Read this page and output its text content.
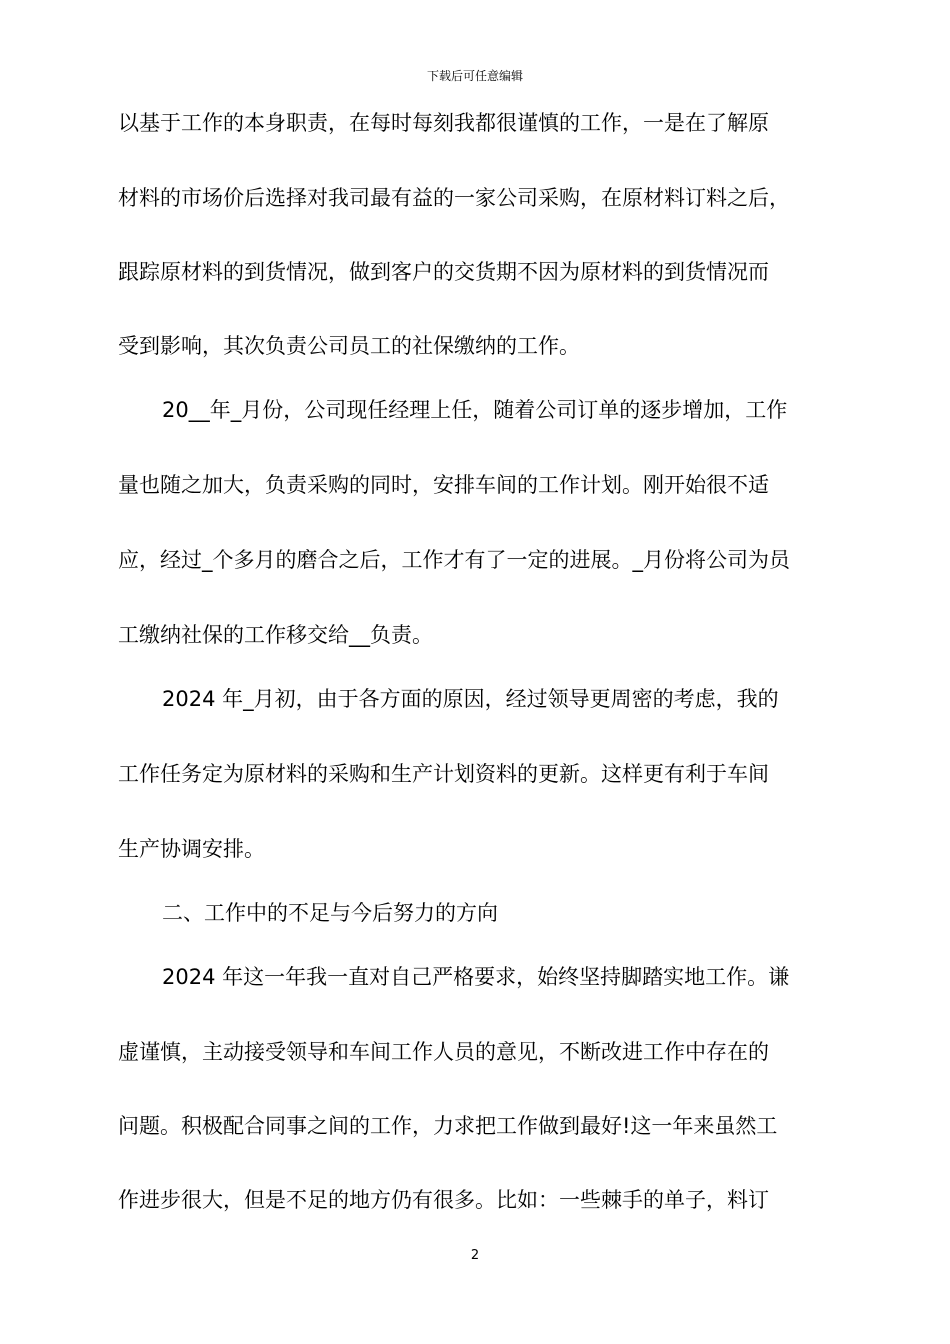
下载后可任意编辑
以基于工作的本身职责，在每时每刻我都很谨慎的工作，一是在了解原
材料的市场价后选择对我司最有益的一家公司采购，在原材料订料之后，
跟踪原材料的到货情况，做到客户的交货期不因为原材料的到货情况而
受到影响，其次负责公司员工的社保缴纳的工作。
20__年_月份，公司现任经理上任，随着公司订单的逐步增加，工作
量也随之加大，负责采购的同时，安排车间的工作计划。刚开始很不适
应，经过_个多月的磨合之后，工作才有了一定的进展。_月份将公司为员
工缴纳社保的工作移交给__负责。
2024 年_月初，由于各方面的原因，经过领导更周密的考虑，我的
工作任务定为原材料的采购和生产计划资料的更新。这样更有利于车间
生产协调安排。
二、工作中的不足与今后努力的方向
2024 年这一年我一直对自己严格要求，始终坚持脚踏实地工作。谦
虚谨慎，主动接受领导和车间工作人员的意见，不断改进工作中存在的
问题。积极配合同事之间的工作，力求把工作做到最好!这一年来虽然工
作进步很大，但是不足的地方仍有很多。比如：一些棘手的单子，料订
2
